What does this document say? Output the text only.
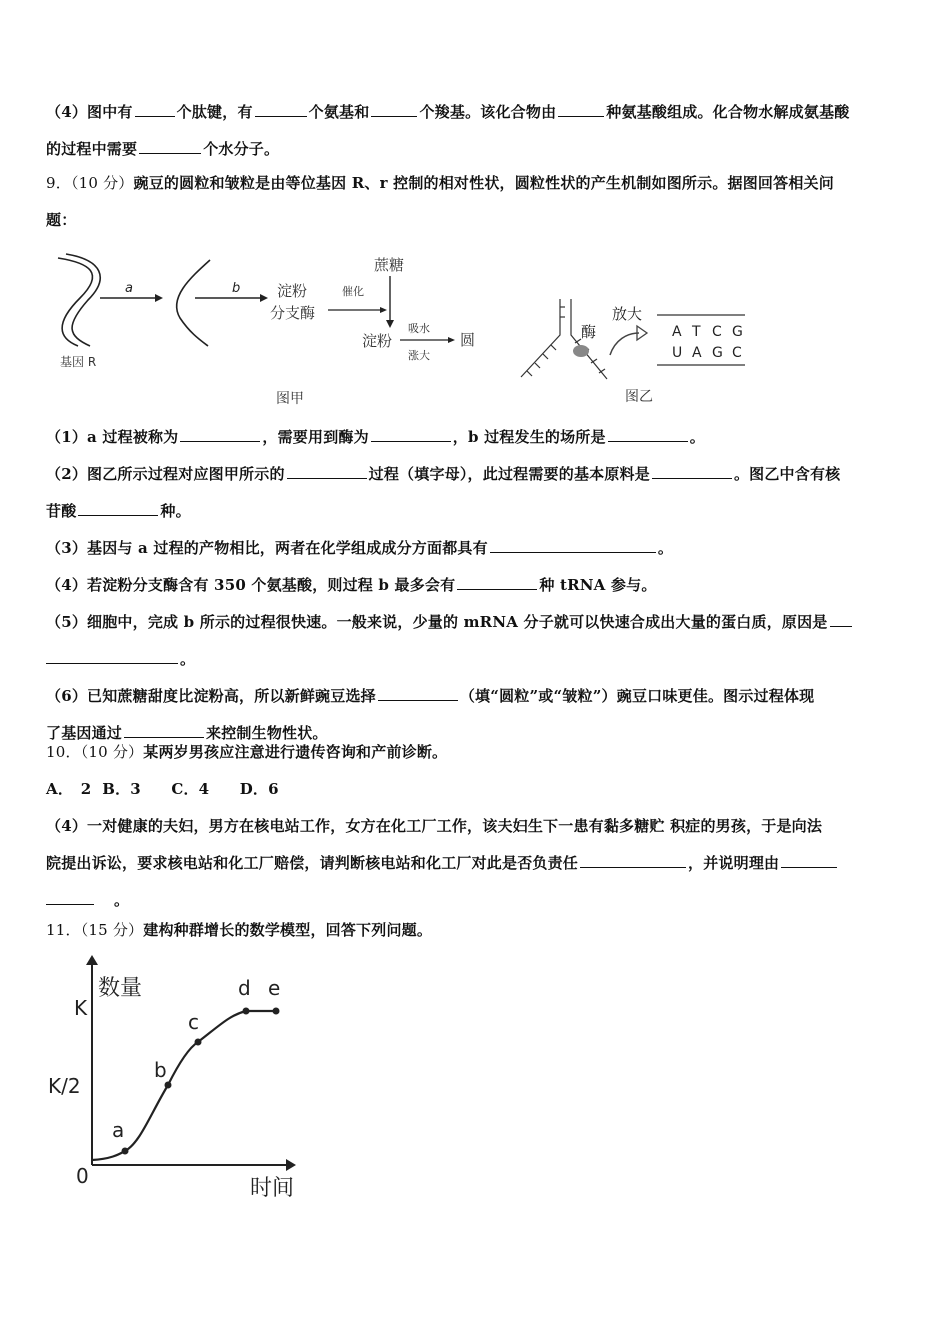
（4）图中有	个肽键，有	个氨基和	个羧基。该化合物由	种氨基酸组成。化合物水解成氨基酸
的过程中需要	个水分子。
9．（10 分）豌豆的圆粒和皱粒是由等位基因 R、r 控制的相对性状，圆粒性状的产生机制如图所示。据图回答相关问
题：
基因 R
a	b 淀粉
分支酶
蔗糖
催化
淀粉
吸水
涨大
圆
图甲
酶
放大
A T C G
U A G C
图乙
（1）a 过程被称为	，需要用到酶为	，b 过程发生的场所是	。
（2）图乙所示过程对应图甲所示的	过程（填字母），此过程需要的基本原料是	。图乙中含有核
苷酸	种。
（3）基因与 a 过程的产物相比，两者在化学组成成分方面都具有	。
（4）若淀粉分支酶含有 350 个氨基酸，则过程 b 最多会有	种 tRNA 参与。
（5）细胞中，完成 b 所示的过程很快速。一般来说，少量的 mRNA 分子就可以快速合成出大量的蛋白质，原因是
。
（6）已知蔗糖甜度比淀粉高，所以新鲜豌豆选择	（填“圆粒”或“皱粒”）豌豆口味更佳。图示过程体现
了基因通过	来控制生物性状。
10．（10 分）某两岁男孩应注意进行遗传咨询和产前诊断。
A．　2  B．3　　C．4　　D．6
（4）一对健康的夫妇，男方在核电站工作，女方在化工厂工作，该夫妇生下一患有黏多糖贮 积症的男孩，于是向法
院提出诉讼，要求核电站和化工厂赔偿，请判断核电站和化工厂对此是否负责任	，并说明理由
。
11．（15 分）建构种群增长的数学模型，回答下列问题。
数量
时间
K
K/2
0
a
b
c
d e
